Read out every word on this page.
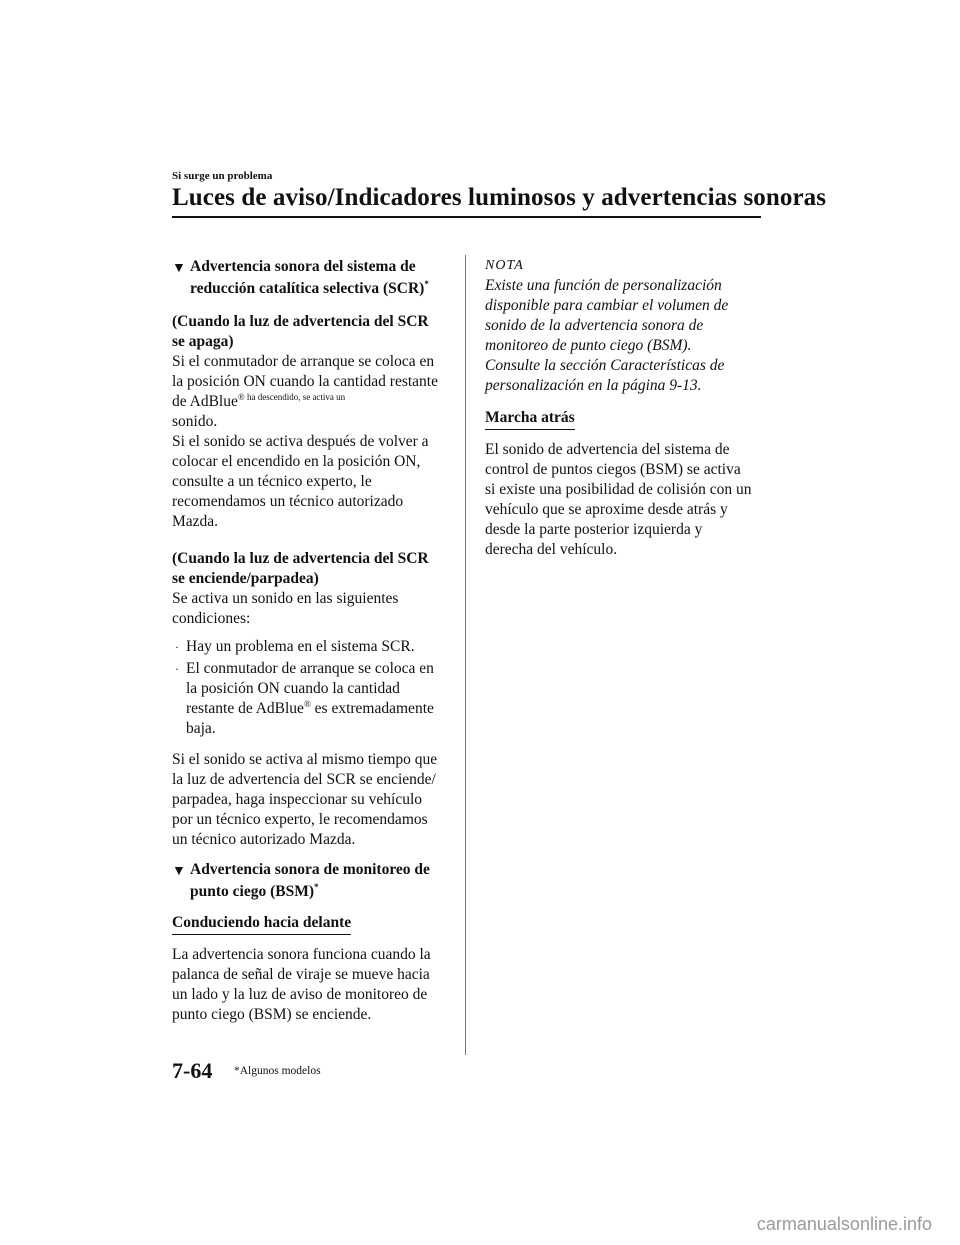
Si surge un problema
Luces de aviso/Indicadores luminosos y advertencias sonoras
▼ Advertencia sonora del sistema de
reducción catalítica selectiva (SCR)*
(Cuando la luz de advertencia del SCR
se apaga)
Si el conmutador de arranque se coloca en
la posición ON cuando la cantidad restante
de AdBlue$^{® ha descendido, se activa un}$
sonido.
Si el sonido se activa después de volver a
colocar el encendido en la posición ON,
consulte a un técnico experto, le
recomendamos un técnico autorizado
Mazda.
(Cuando la luz de advertencia del SCR
se enciende/parpadea)
Se activa un sonido en las siguientes
condiciones:
· Hay un problema en el sistema SCR.
· El conmutador de arranque se coloca en
la posición ON cuando la cantidad
restante de AdBlue® es extremadamente
baja.
Si el sonido se activa al mismo tiempo que
la luz de advertencia del SCR se enciende/
parpadea, haga inspeccionar su vehículo
por un técnico experto, le recomendamos
un técnico autorizado Mazda.
▼ Advertencia sonora de monitoreo de
punto ciego (BSM)*
Conduciendo hacia delante
La advertencia sonora funciona cuando la
palanca de señal de viraje se mueve hacia
un lado y la luz de aviso de monitoreo de
punto ciego (BSM) se enciende.
NOTA
Existe una función de personalización
disponible para cambiar el volumen de
sonido de la advertencia sonora de
monitoreo de punto ciego (BSM).
Consulte la sección Características de
personalización en la página 9-13.
Marcha atrás
El sonido de advertencia del sistema de
control de puntos ciegos (BSM) se activa
si existe una posibilidad de colisión con un
vehículo que se aproxime desde atrás y
desde la parte posterior izquierda y
derecha del vehículo.
7-64 *Algunos modelos
carmanualsonline.info
